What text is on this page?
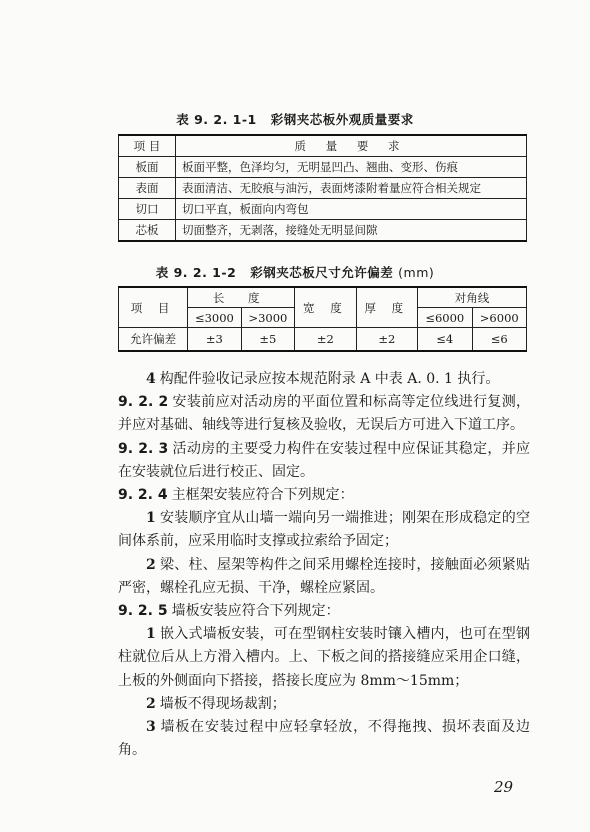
表 9. 2. 1-1 彩钢夹芯板外观质量要求
项 目	质 量 要 求
板面	板面平整，色泽均匀，无明显凹凸、翘曲、变形、伤痕
表面	表面清洁、无胶痕与油污，表面烤漆附着量应符合相关规定
切口	切口平直，板面向内弯包
芯板	切面整齐，无剥落，接缝处无明显间隙
表 9. 2. 1-2 彩钢夹芯板尺寸允许偏差 (mm)
项 目	长 度		宽 度	厚 度	对角线	
	≤3000	>3000			≤6000	>6000
允许偏差	±3	±5	±2	±2	≤4	≤6

4 构配件验收记录应按本规范附录 A 中表 A. 0. 1 执行。

9. 2. 2 安装前应对活动房的平面位置和标高等定位线进行复测，并应对基础、轴线等进行复核及验收，无误后方可进入下道工序。

9. 2. 3 活动房的主要受力构件在安装过程中应保证其稳定，并应在安装就位后进行校正、固定。

9. 2. 4 主框架安装应符合下列规定：

1 安装顺序宜从山墙一端向另一端推进；刚架在形成稳定的空间体系前，应采用临时支撑或拉索给予固定；

2 梁、柱、屋架等构件之间采用螺栓连接时，接触面必须紧贴严密，螺栓孔应无损、干净，螺栓应紧固。

9. 2. 5 墙板安装应符合下列规定：

1 嵌入式墙板安装，可在型钢柱安装时镶入槽内，也可在型钢柱就位后从上方滑入槽内。上、下板之间的搭接缝应采用企口缝，上板的外侧面向下搭接，搭接长度应为 8mm～15mm；

2 墙板不得现场裁割；

3 墙板在安装过程中应轻拿轻放，不得拖拽、损坏表面及边角。

29
